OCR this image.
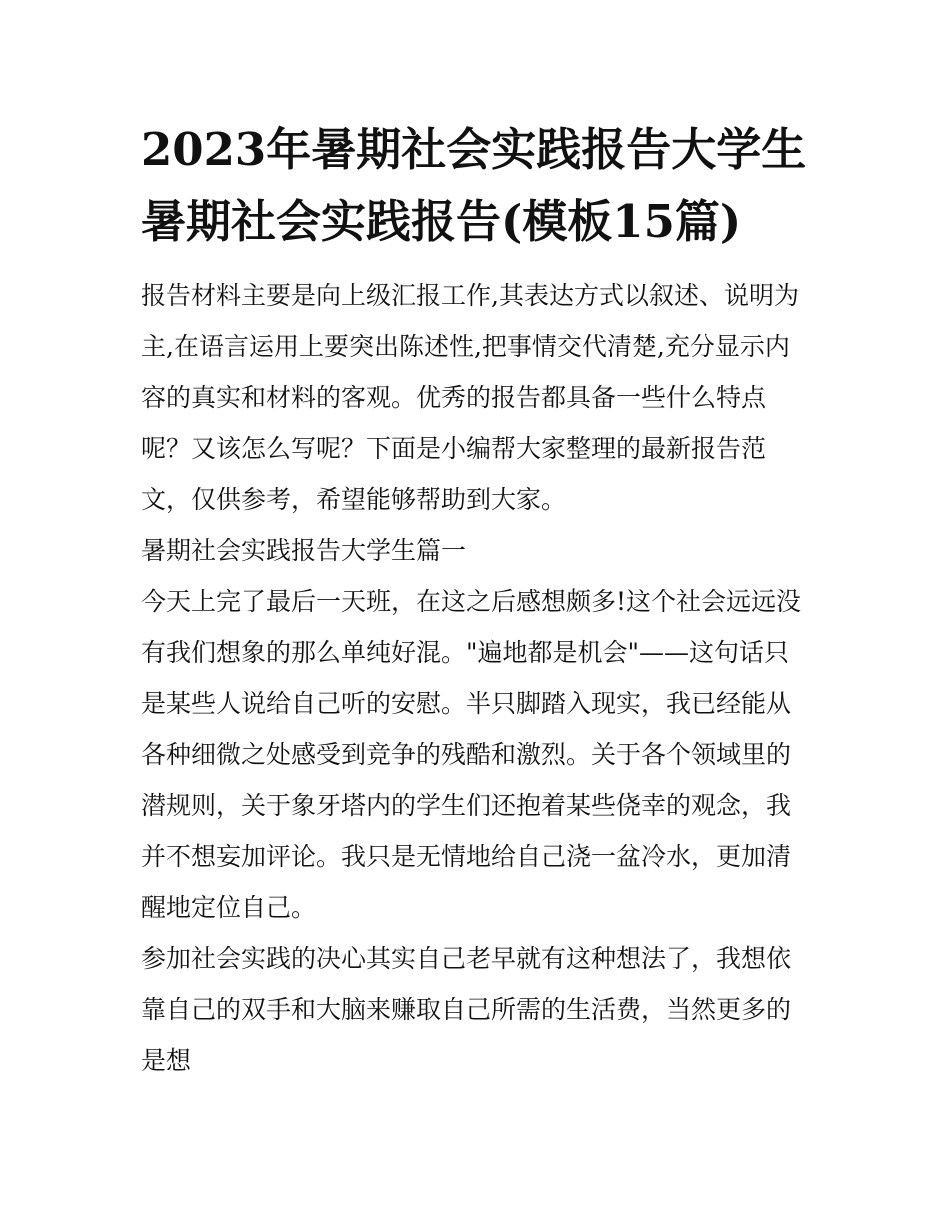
2023年暑期社会实践报告大学生 暑期社会实践报告(模板15篇)

报告材料主要是向上级汇报工作,其表达方式以叙述、说明为主,在语言运用上要突出陈述性,把事情交代清楚,充分显示内容的真实和材料的客观。优秀的报告都具备一些什么特点呢？又该怎么写呢？下面是小编帮大家整理的最新报告范文，仅供参考，希望能够帮助到大家。

暑期社会实践报告大学生篇一

今天上完了最后一天班，在这之后感想颇多!这个社会远远没有我们想象的那么单纯好混。"遍地都是机会"——这句话只是某些人说给自己听的安慰。半只脚踏入现实，我已经能从各种细微之处感受到竞争的残酷和激烈。关于各个领域里的潜规则，关于象牙塔内的学生们还抱着某些侥幸的观念，我并不想妄加评论。我只是无情地给自己浇一盆冷水，更加清醒地定位自己。

参加社会实践的决心其实自己老早就有这种想法了，我想依靠自己的双手和大脑来赚取自己所需的生活费，当然更多的是想
